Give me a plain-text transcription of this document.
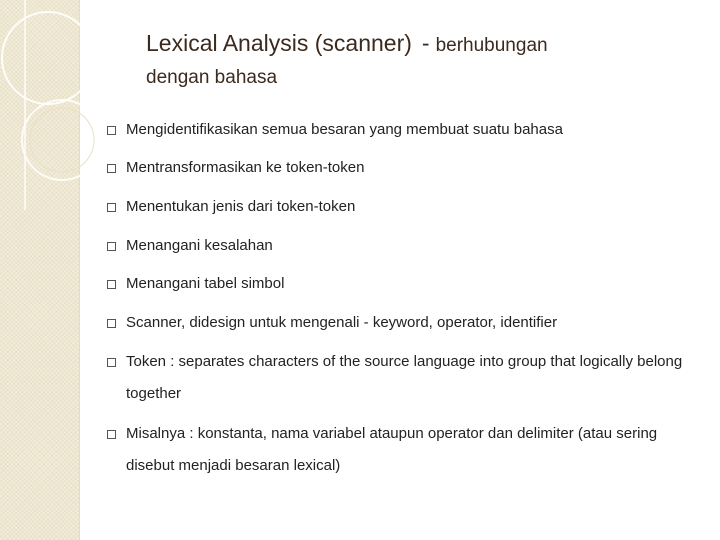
Lexical Analysis (scanner) - berhubungan
dengan bahasa
Mengidentifikasikan semua besaran yang membuat suatu bahasa
Mentransformasikan ke token-token
Menentukan jenis dari token-token
Menangani kesalahan
Menangani tabel simbol
Scanner, didesign untuk mengenali - keyword, operator, identifier
Token : separates characters of the source language into group that logically belong together
Misalnya : konstanta, nama variabel ataupun operator dan delimiter (atau sering disebut menjadi besaran lexical)
